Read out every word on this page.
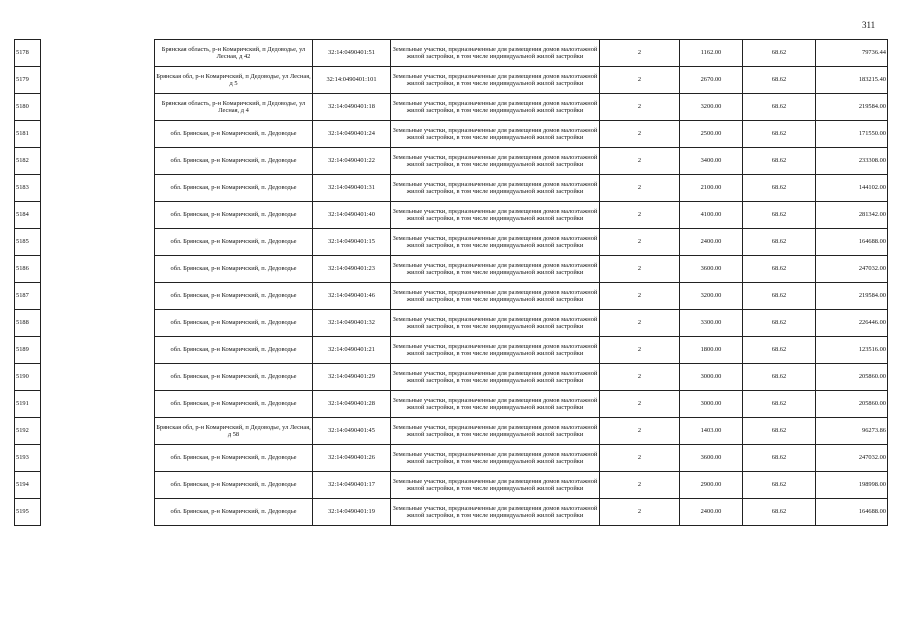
311
5178		Брянская область, р-н Комаричский, п Дедоводье, ул Лесная, д 42	32:14:0490401:51	Земельные участки, предназначенные для размещения домов малоэтажной жилой застройки, в том числе индивидуальной жилой застройки	2	1162.00	68.62	79736.44
5179		Брянская обл, р-н Комаричский, п Дедоводье, ул Лесная, д 5	32:14:0490401:101	Земельные участки, предназначенные для размещения домов малоэтажной жилой застройки, в том числе индивидуальной жилой застройки	2	2670.00	68.62	183215.40
5180		Брянская область, р-н Комаричский, п Дедоводье, ул Лесная, д 4	32:14:0490401:18	Земельные участки, предназначенные для размещения домов малоэтажной жилой застройки, в том числе индивидуальной жилой застройки	2	3200.00	68.62	219584.00
5181		обл. Брянская, р-н Комаричский, п. Дедоводье	32:14:0490401:24	Земельные участки, предназначенные для размещения домов малоэтажной жилой застройки, в том числе индивидуальной жилой застройки	2	2500.00	68.62	171550.00
5182		обл. Брянская, р-н Комаричский, п. Дедоводье	32:14:0490401:22	Земельные участки, предназначенные для размещения домов малоэтажной жилой застройки, в том числе индивидуальной жилой застройки	2	3400.00	68.62	233308.00
5183		обл. Брянская, р-н Комаричский, п. Дедоводье	32:14:0490401:31	Земельные участки, предназначенные для размещения домов малоэтажной жилой застройки, в том числе индивидуальной жилой застройки	2	2100.00	68.62	144102.00
5184		обл. Брянская, р-н Комаричский, п. Дедоводье	32:14:0490401:40	Земельные участки, предназначенные для размещения домов малоэтажной жилой застройки, в том числе индивидуальной жилой застройки	2	4100.00	68.62	281342.00
5185		обл. Брянская, р-н Комаричский, п. Дедоводье	32:14:0490401:15	Земельные участки, предназначенные для размещения домов малоэтажной жилой застройки, в том числе индивидуальной жилой застройки	2	2400.00	68.62	164688.00
5186		обл. Брянская, р-н Комаричский, п. Дедоводье	32:14:0490401:23	Земельные участки, предназначенные для размещения домов малоэтажной жилой застройки, в том числе индивидуальной жилой застройки	2	3600.00	68.62	247032.00
5187		обл. Брянская, р-н Комаричский, п. Дедоводье	32:14:0490401:46	Земельные участки, предназначенные для размещения домов малоэтажной жилой застройки, в том числе индивидуальной жилой застройки	2	3200.00	68.62	219584.00
5188		обл. Брянская, р-н Комаричский, п. Дедоводье	32:14:0490401:32	Земельные участки, предназначенные для размещения домов малоэтажной жилой застройки, в том числе индивидуальной жилой застройки	2	3300.00	68.62	226446.00
5189		обл. Брянская, р-н Комаричский, п. Дедоводье	32:14:0490401:21	Земельные участки, предназначенные для размещения домов малоэтажной жилой застройки, в том числе индивидуальной жилой застройки	2	1800.00	68.62	123516.00
5190		обл. Брянская, р-н Комаричский, п. Дедоводье	32:14:0490401:29	Земельные участки, предназначенные для размещения домов малоэтажной жилой застройки, в том числе индивидуальной жилой застройки	2	3000.00	68.62	205860.00
5191		обл. Брянская, р-н Комаричский, п. Дедоводье	32:14:0490401:28	Земельные участки, предназначенные для размещения домов малоэтажной жилой застройки, в том числе индивидуальной жилой застройки	2	3000.00	68.62	205860.00
5192		Брянская обл, р-н Комаричский, п Дедоводье, ул Лесная, д 58	32:14:0490401:45	Земельные участки, предназначенные для размещения домов малоэтажной жилой застройки, в том числе индивидуальной жилой застройки	2	1403.00	68.62	96273.86
5193		обл. Брянская, р-н Комаричский, п. Дедоводье	32:14:0490401:26	Земельные участки, предназначенные для размещения домов малоэтажной жилой застройки, в том числе индивидуальной жилой застройки	2	3600.00	68.62	247032.00
5194		обл. Брянская, р-н Комаричский, п. Дедоводье	32:14:0490401:17	Земельные участки, предназначенные для размещения домов малоэтажной жилой застройки, в том числе индивидуальной жилой застройки	2	2900.00	68.62	198998.00
5195		обл. Брянская, р-н Комаричский, п. Дедоводье	32:14:0490401:19	Земельные участки, предназначенные для размещения домов малоэтажной жилой застройки, в том числе индивидуальной жилой застройки	2	2400.00	68.62	164688.00
